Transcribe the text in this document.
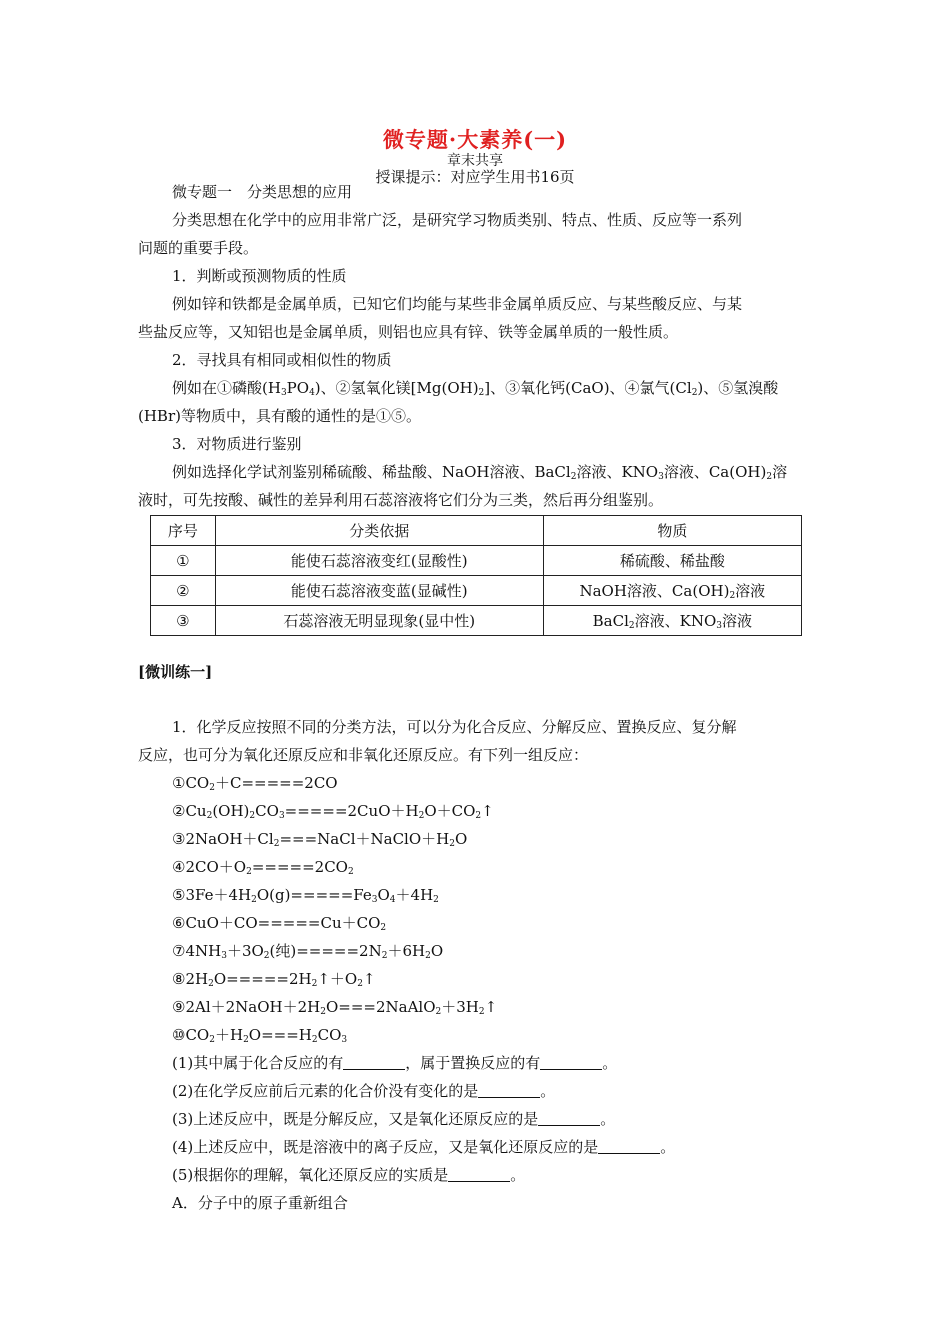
微专题·大素养(一)
章末共享
授课提示：对应学生用书16页
微专题一　分类思想的应用
分类思想在化学中的应用非常广泛，是研究学习物质类别、特点、性质、反应等一系列
问题的重要手段。
1．判断或预测物质的性质
例如锌和铁都是金属单质，已知它们均能与某些非金属单质反应、与某些酸反应、与某
些盐反应等，又知铝也是金属单质，则铝也应具有锌、铁等金属单质的一般性质。
2．寻找具有相同或相似性的物质
例如在①磷酸$(H_3PO_4)$、②氢氧化镁$[Mg(OH)_2]$、③氧化钙(CaO)、④氯气$(Cl_2)$、⑤氢溴酸
(HBr)等物质中，具有酸的通性的是①⑤。
3．对物质进行鉴别
例如选择化学试剂鉴别稀硫酸、稀盐酸、NaOH溶液、BaCl$_2$溶液、$KNO_3$溶液、$Ca(OH)_2$溶
液时，可先按酸、碱性的差异利用石蕊溶液将它们分为三类，然后再分组鉴别。
序号	分类依据	物质
①	能使石蕊溶液变红(显酸性)	稀硫酸、稀盐酸
②	能使石蕊溶液变蓝(显碱性)	NaOH溶液、$Ca(OH)_2$溶液
③	石蕊溶液无明显现象(显中性)	BaCl$_2$溶液、$KNO_3$溶液
[微训练一]
1．化学反应按照不同的分类方法，可以分为化合反应、分解反应、置换反应、复分解
反应，也可分为氧化还原反应和非氧化还原反应。有下列一组反应：
$①CO_2+C=====2CO$
$②Cu_2(OH)_2CO_3=====2CuO+H_2O+CO_2↑$
$③2NaOH+Cl_2===NaCl+NaClO+H_2O$
$④2CO+O_2=====2CO_2$
$⑤3Fe+4H_2O(g)=====Fe_3O_4+4H_2$
$⑥CuO+CO=====Cu+CO_2$
$⑦4NH_3+3O_2$(纯)$=====2N_2+6H_2O$
$⑧2H_2O=====2H_2↑+O_2↑$
$⑨2Al+2NaOH+2H_2O===2NaAlO_2+3H_2↑$
$⑩CO_2+H_2O===H_2CO_3$
(1)其中属于化合反应的有	，属于置换反应的有	。
(2)在化学反应前后元素的化合价没有变化的是	。
(3)上述反应中，既是分解反应，又是氧化还原反应的是	。
(4)上述反应中，既是溶液中的离子反应，又是氧化还原反应的是	。
(5)根据你的理解，氧化还原反应的实质是	。
A．分子中的原子重新组合
